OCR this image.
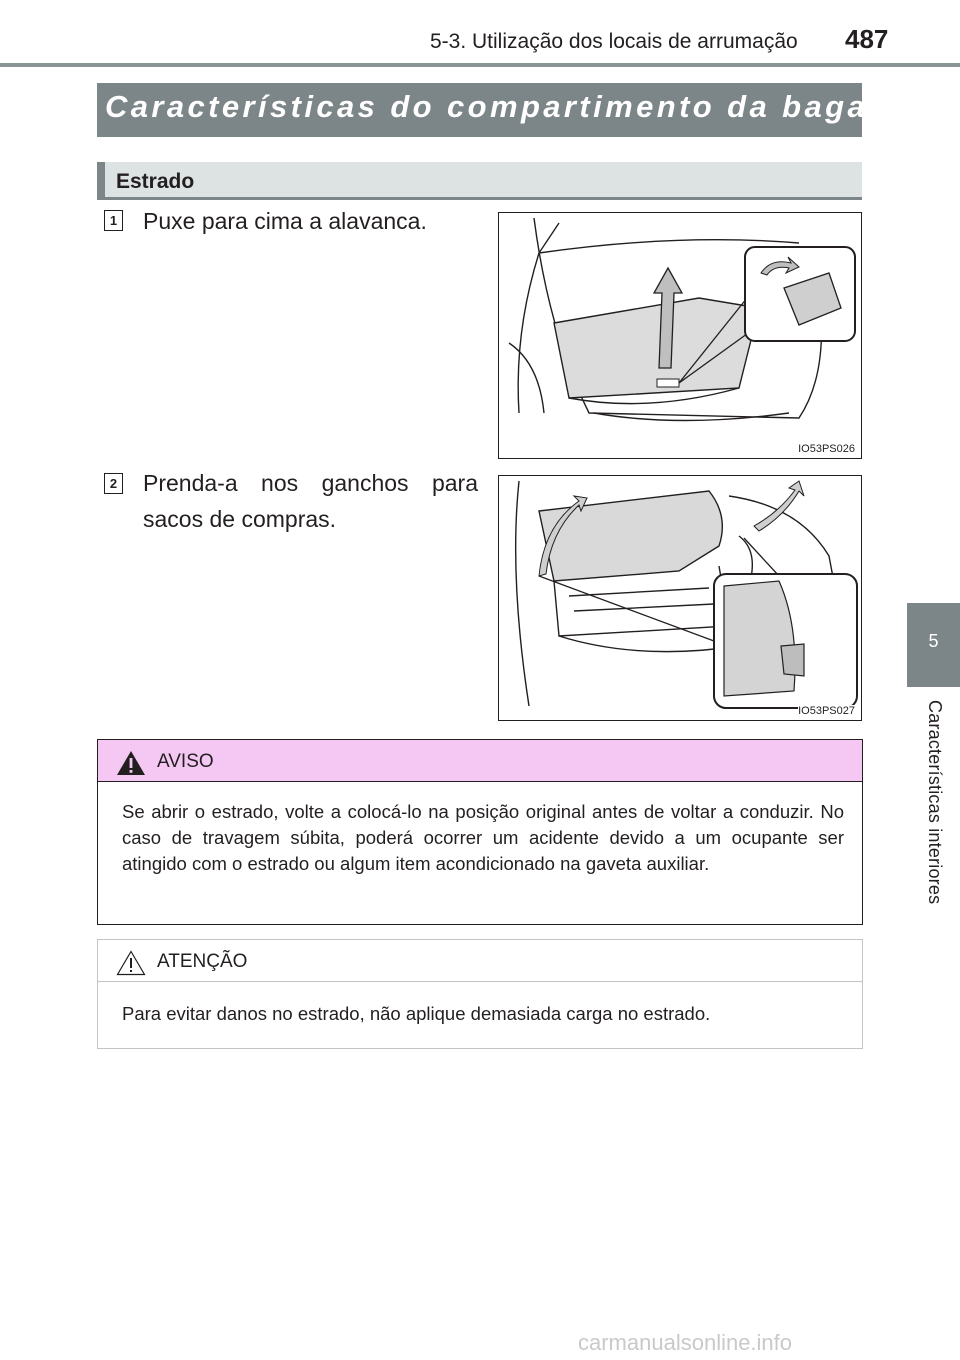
5-3. Utilização dos locais de arrumação 487
5
Características interiores
Características do compartimento da bagagem
Estrado
1 Puxe para cima a alavanca.
IO53PS026
2 Prenda-a nos ganchos para
sacos de compras.
IO53PS027
AVISO
Se abrir o estrado, volte a colocá-lo na posição original antes de voltar a conduzir. No caso de travagem súbita, poderá ocorrer um acidente devido a um ocupante ser atingido com o estrado ou algum item acondicionado na gaveta auxiliar.
ATENÇÃO
Para evitar danos no estrado, não aplique demasiada carga no estrado.
carmanualsonline.info
